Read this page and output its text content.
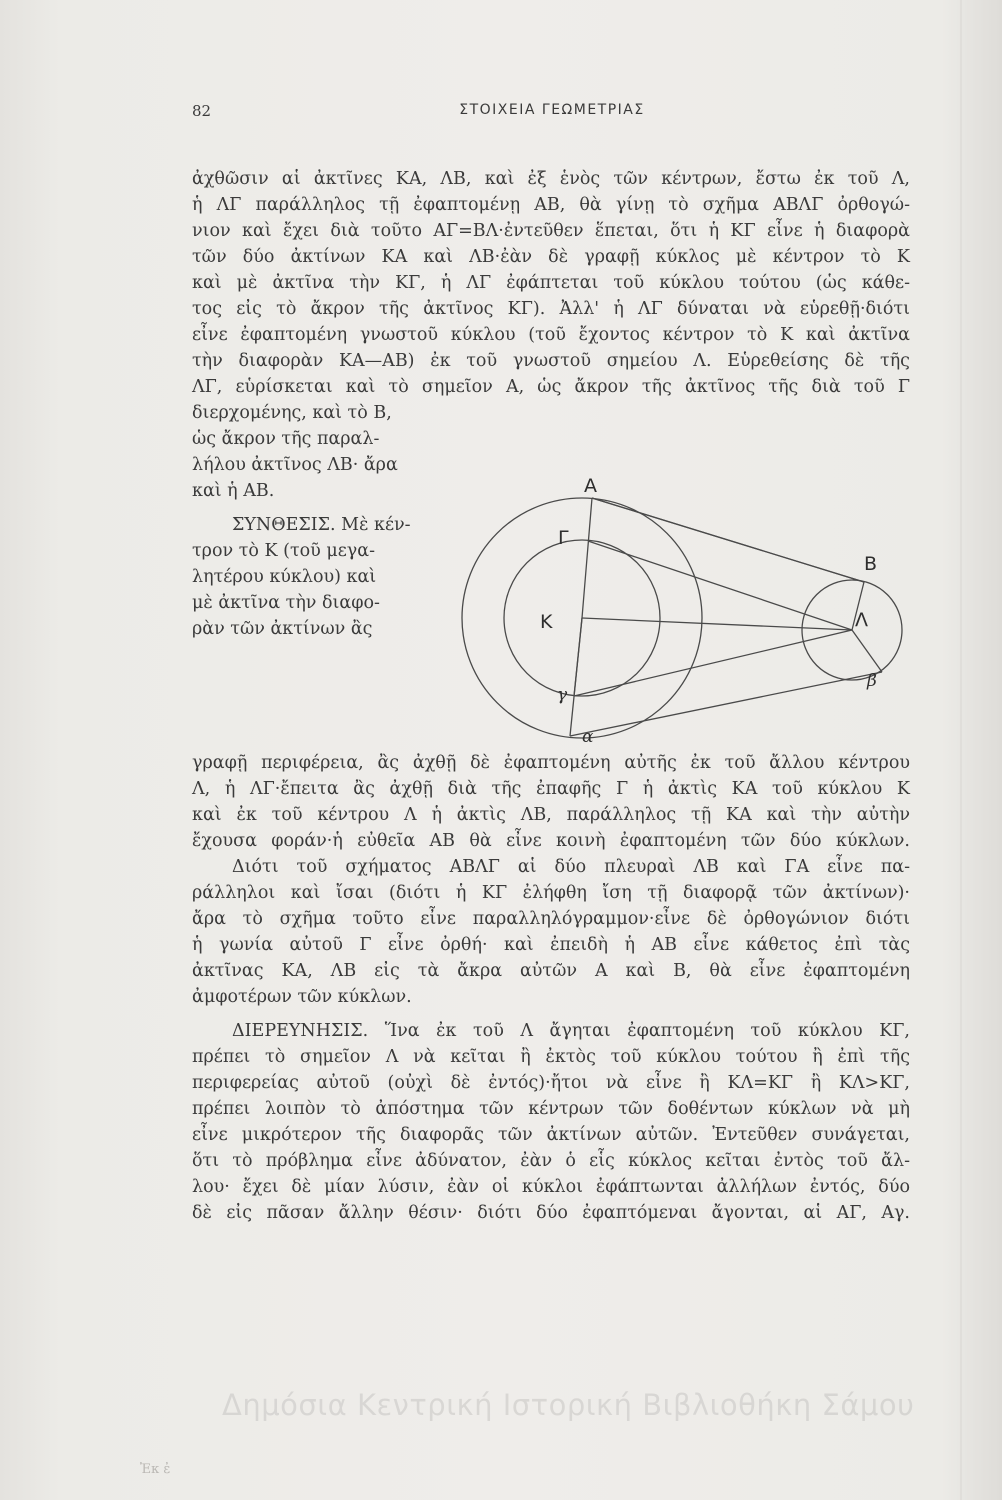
82	ΣΤΟΙΧΕΙΑ ΓΕΩΜΕΤΡΙΑΣ
ἀχθῶσιν αἱ ἀκτῖνες ΚΑ, ΛΒ, καὶ ἐξ ἑνὸς τῶν κέντρων, ἔστω ἐκ τοῦ Λ,
ἡ ΛΓ παράλληλος τῇ ἐφαπτομένῃ ΑΒ, θὰ γίνῃ τὸ σχῆμα ΑΒΛΓ ὀρθογώ-
νιον καὶ ἔχει διὰ τοῦτο ΑΓ=ΒΛ·ἐντεῦθεν ἕπεται, ὅτι ἡ ΚΓ εἶνε ἡ διαφορὰ
τῶν δύο ἀκτίνων ΚΑ καὶ ΛΒ·ἐὰν δὲ γραφῇ κύκλος μὲ κέντρον τὸ Κ
καὶ μὲ ἀκτῖνα τὴν ΚΓ, ἡ ΛΓ ἐφάπτεται τοῦ κύκλου τούτου (ὡς κάθε-
τος εἰς τὸ ἄκρον τῆς ἀκτῖνος ΚΓ). Ἀλλ' ἡ ΛΓ δύναται νὰ εὑρεθῇ·διότι
εἶνε ἐφαπτομένη γνωστοῦ κύκλου (τοῦ ἔχοντος κέντρον τὸ Κ καὶ ἀκτῖνα
τὴν διαφορὰν ΚΑ—ΑΒ) ἐκ τοῦ γνωστοῦ σημείου Λ. Εὑρεθείσης δὲ τῆς
ΛΓ, εὑρίσκεται καὶ τὸ σημεῖον Α, ὡς ἄκρον τῆς ἀκτῖνος τῆς διὰ τοῦ Γ
διερχομένης, καὶ τὸ Β,
ὡς ἄκρον τῆς παραλ-
λήλου ἀκτῖνος ΛΒ· ἄρα
καὶ ἡ ΑΒ.
ΣΥΝΘΕΣΙΣ. Μὲ κέν-
τρον τὸ Κ (τοῦ μεγα-
λητέρου κύκλου) καὶ
μὲ ἀκτῖνα τὴν διαφο-
ρὰν τῶν ἀκτίνων ἂς
A
Γ
K
B
Λ
γ
α
β
γραφῇ περιφέρεια, ἂς ἀχθῇ δὲ ἐφαπτομένη αὐτῆς ἐκ τοῦ ἄλλου κέντρου
Λ, ἡ ΛΓ·ἔπειτα ἂς ἀχθῇ διὰ τῆς ἐπαφῆς Γ ἡ ἀκτὶς ΚΑ τοῦ κύκλου Κ
καὶ ἐκ τοῦ κέντρου Λ ἡ ἀκτὶς ΛΒ, παράλληλος τῇ ΚΑ καὶ τὴν αὐτὴν
ἔχουσα φοράν·ἡ εὐθεῖα ΑΒ θὰ εἶνε κοινὴ ἐφαπτομένη τῶν δύο κύκλων.
Διότι τοῦ σχήματος ΑΒΛΓ αἱ δύο πλευραὶ ΛΒ καὶ ΓΑ εἶνε πα-
ράλληλοι καὶ ἴσαι (διότι ἡ ΚΓ ἐλήφθη ἴση τῇ διαφορᾷ τῶν ἀκτίνων)·
ἄρα τὸ σχῆμα τοῦτο εἶνε παραλληλόγραμμον·εἶνε δὲ ὀρθογώνιον διότι
ἡ γωνία αὐτοῦ Γ εἶνε ὀρθή· καὶ ἐπειδὴ ἡ ΑΒ εἶνε κάθετος ἐπὶ τὰς
ἀκτῖνας ΚΑ, ΛΒ εἰς τὰ ἄκρα αὐτῶν Α καὶ Β, θὰ εἶνε ἐφαπτομένη
ἀμφοτέρων τῶν κύκλων.
ΔΙΕΡΕΥΝΗΣΙΣ. Ἵνα ἐκ τοῦ Λ ἄγηται ἐφαπτομένη τοῦ κύκλου ΚΓ,
πρέπει τὸ σημεῖον Λ νὰ κεῖται ἢ ἐκτὸς τοῦ κύκλου τούτου ἢ ἐπὶ τῆς
περιφερείας αὐτοῦ (οὐχὶ δὲ ἐντός)·ἤτοι νὰ εἶνε ἢ ΚΛ=ΚΓ ἢ ΚΛ>ΚΓ,
πρέπει λοιπὸν τὸ ἀπόστημα τῶν κέντρων τῶν δοθέντων κύκλων νὰ μὴ
εἶνε μικρότερον τῆς διαφορᾶς τῶν ἀκτίνων αὐτῶν. Ἐντεῦθεν συνάγεται,
ὅτι τὸ πρόβλημα εἶνε ἀδύνατον, ἐὰν ὁ εἷς κύκλος κεῖται ἐντὸς τοῦ ἄλ-
λου· ἔχει δὲ μίαν λύσιν, ἐὰν οἱ κύκλοι ἐφάπτωνται ἀλλήλων ἐντός, δύο
δὲ εἰς πᾶσαν ἄλλην θέσιν· διότι δύο ἐφαπτόμεναι ἄγονται, αἱ ΑΓ, Αγ.
Δημόσια Κεντρική Ιστορική Βιβλιοθήκη Σάμου
Ἐκ ἐ
